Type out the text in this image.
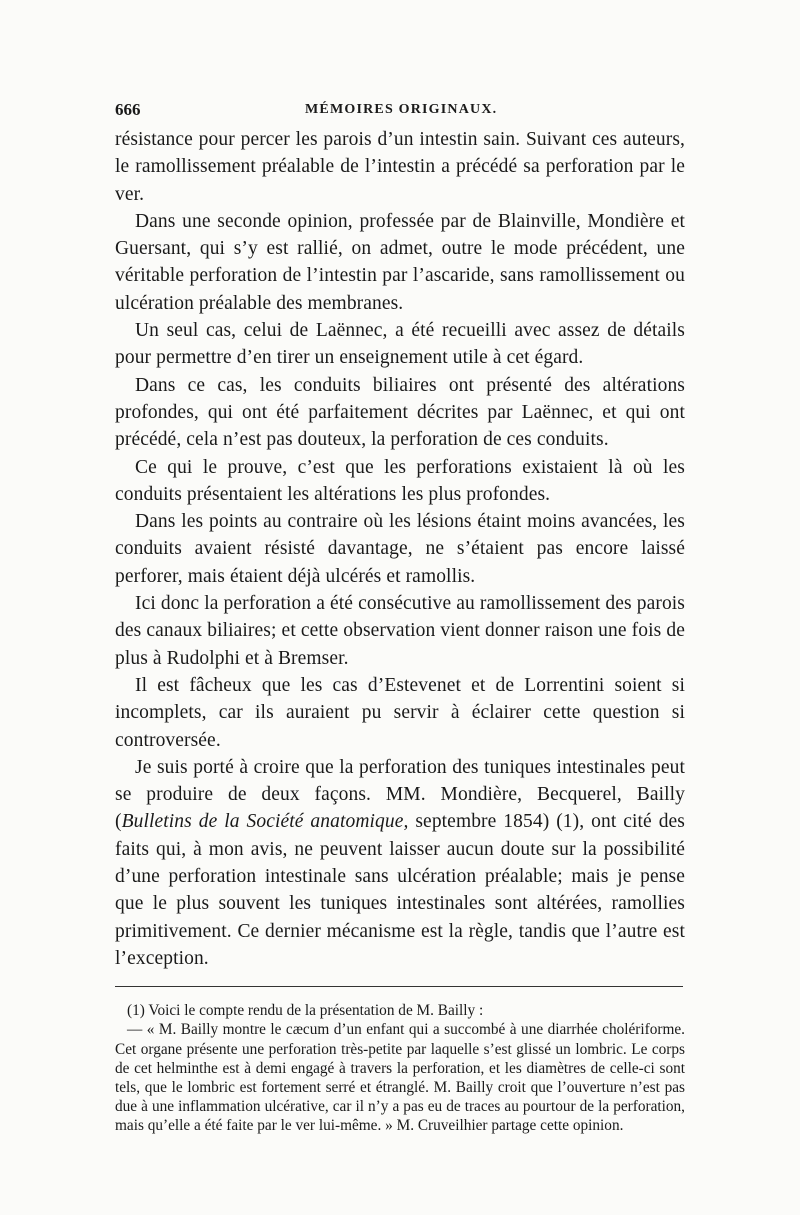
666	MÉMOIRES ORIGINAUX.

résistance pour percer les parois d’un intestin sain. Suivant ces auteurs, le ramollissement préalable de l’intestin a précédé sa perforation par le ver.

Dans une seconde opinion, professée par de Blainville, Mondière et Guersant, qui s’y est rallié, on admet, outre le mode précédent, une véritable perforation de l’intestin par l’ascaride, sans ramollissement ou ulcération préalable des membranes.

Un seul cas, celui de Laënnec, a été recueilli avec assez de détails pour permettre d’en tirer un enseignement utile à cet égard.

Dans ce cas, les conduits biliaires ont présenté des altérations profondes, qui ont été parfaitement décrites par Laënnec, et qui ont précédé, cela n’est pas douteux, la perforation de ces conduits.

Ce qui le prouve, c’est que les perforations existaient là où les conduits présentaient les altérations les plus profondes.

Dans les points au contraire où les lésions étaint moins avancées, les conduits avaient résisté davantage, ne s’étaient pas encore laissé perforer, mais étaient déjà ulcérés et ramollis.

Ici donc la perforation a été consécutive au ramollissement des parois des canaux biliaires; et cette observation vient donner raison une fois de plus à Rudolphi et à Bremser.

Il est fâcheux que les cas d’Estevenet et de Lorrentini soient si incomplets, car ils auraient pu servir à éclairer cette question si controversée.

Je suis porté à croire que la perforation des tuniques intestinales peut se produire de deux façons. MM. Mondière, Becquerel, Bailly (Bulletins de la Société anatomique, septembre 1854) (1), ont cité des faits qui, à mon avis, ne peuvent laisser aucun doute sur la possibilité d’une perforation intestinale sans ulcération préalable; mais je pense que le plus souvent les tuniques intestinales sont altérées, ramollies primitivement. Ce dernier mécanisme est la règle, tandis que l’autre est l’exception.

(1) Voici le compte rendu de la présentation de M. Bailly :

— « M. Bailly montre le cæcum d’un enfant qui a succombé à une diarrhée cholériforme. Cet organe présente une perforation très-petite par laquelle s’est glissé un lombric. Le corps de cet helminthe est à demi engagé à travers la perforation, et les diamètres de celle-ci sont tels, que le lombric est fortement serré et étranglé. M. Bailly croit que l’ouverture n’est pas due à une inflammation ulcérative, car il n’y a pas eu de traces au pourtour de la perforation, mais qu’elle a été faite par le ver lui-même. » M. Cruveilhier partage cette opinion.
